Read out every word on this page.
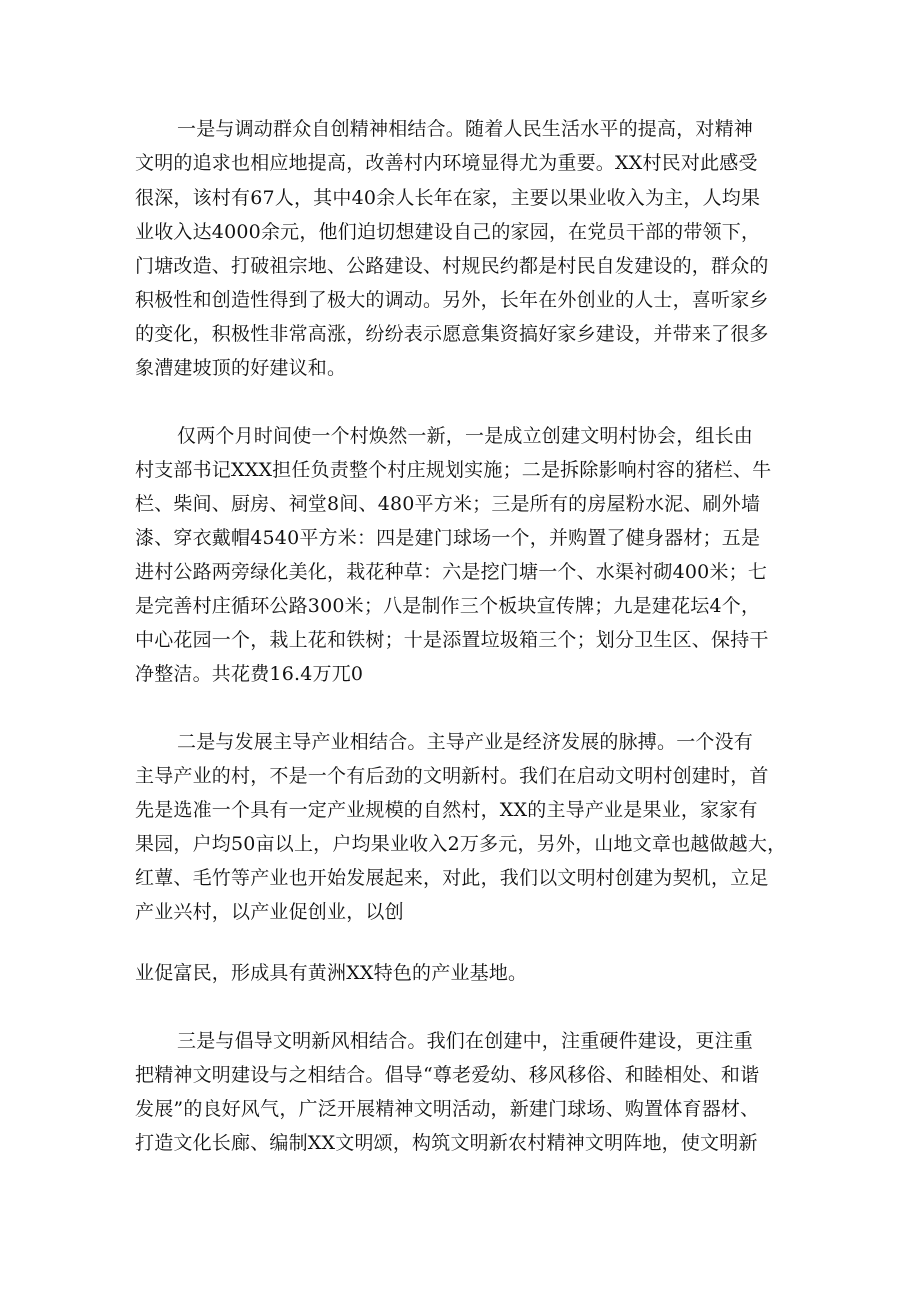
一是与调动群众自创精神相结合。随着人民生活水平的提高，对精神
文明的追求也相应地提高，改善村内环境显得尤为重要。XX村民对此感受
很深，该村有67人，其中40余人长年在家，主要以果业收入为主，人均果
业收入达4000余元，他们迫切想建设自己的家园，在党员干部的带领下，
门塘改造、打破祖宗地、公路建设、村规民约都是村民自发建设的，群众的
积极性和创造性得到了极大的调动。另外，长年在外创业的人士，喜听家乡
的变化，积极性非常高涨，纷纷表示愿意集资搞好家乡建设，并带来了很多
象漕建坡顶的好建议和。
仅两个月时间使一个村焕然一新，一是成立创建文明村协会，组长由
村支部书记XXX担任负责整个村庄规划实施；二是拆除影响村容的猪栏、牛
栏、柴间、厨房、祠堂8间、480平方米；三是所有的房屋粉水泥、刷外墙
漆、穿衣戴帽4540平方米：四是建门球场一个，并购置了健身器材；五是
进村公路两旁绿化美化，栽花种草：六是挖门塘一个、水渠衬砌400米；七
是完善村庄循环公路300米；八是制作三个板块宣传牌；九是建花坛4个，
中心花园一个，栽上花和铁树；十是添置垃圾箱三个；划分卫生区、保持干
净整洁。共花费16.4万兀0
二是与发展主导产业相结合。主导产业是经济发展的脉搏。一个没有
主导产业的村，不是一个有后劲的文明新村。我们在启动文明村创建时，首
先是选准一个具有一定产业规模的自然村，XX的主导产业是果业，家家有
果园，户均50亩以上，户均果业收入2万多元，另外，山地文章也越做越大，
红蕈、毛竹等产业也开始发展起来，对此，我们以文明村创建为契机，立足
产业兴村，以产业促创业，以创
业促富民，形成具有黄洲XX特色的产业基地。
三是与倡导文明新风相结合。我们在创建中，注重硬件建设，更注重
把精神文明建设与之相结合。倡导“尊老爱幼、移风移俗、和睦相处、和谐
发展”的良好风气，广泛开展精神文明活动，新建门球场、购置体育器材、
打造文化长廊、编制XX文明颂，构筑文明新农村精神文明阵地，使文明新
